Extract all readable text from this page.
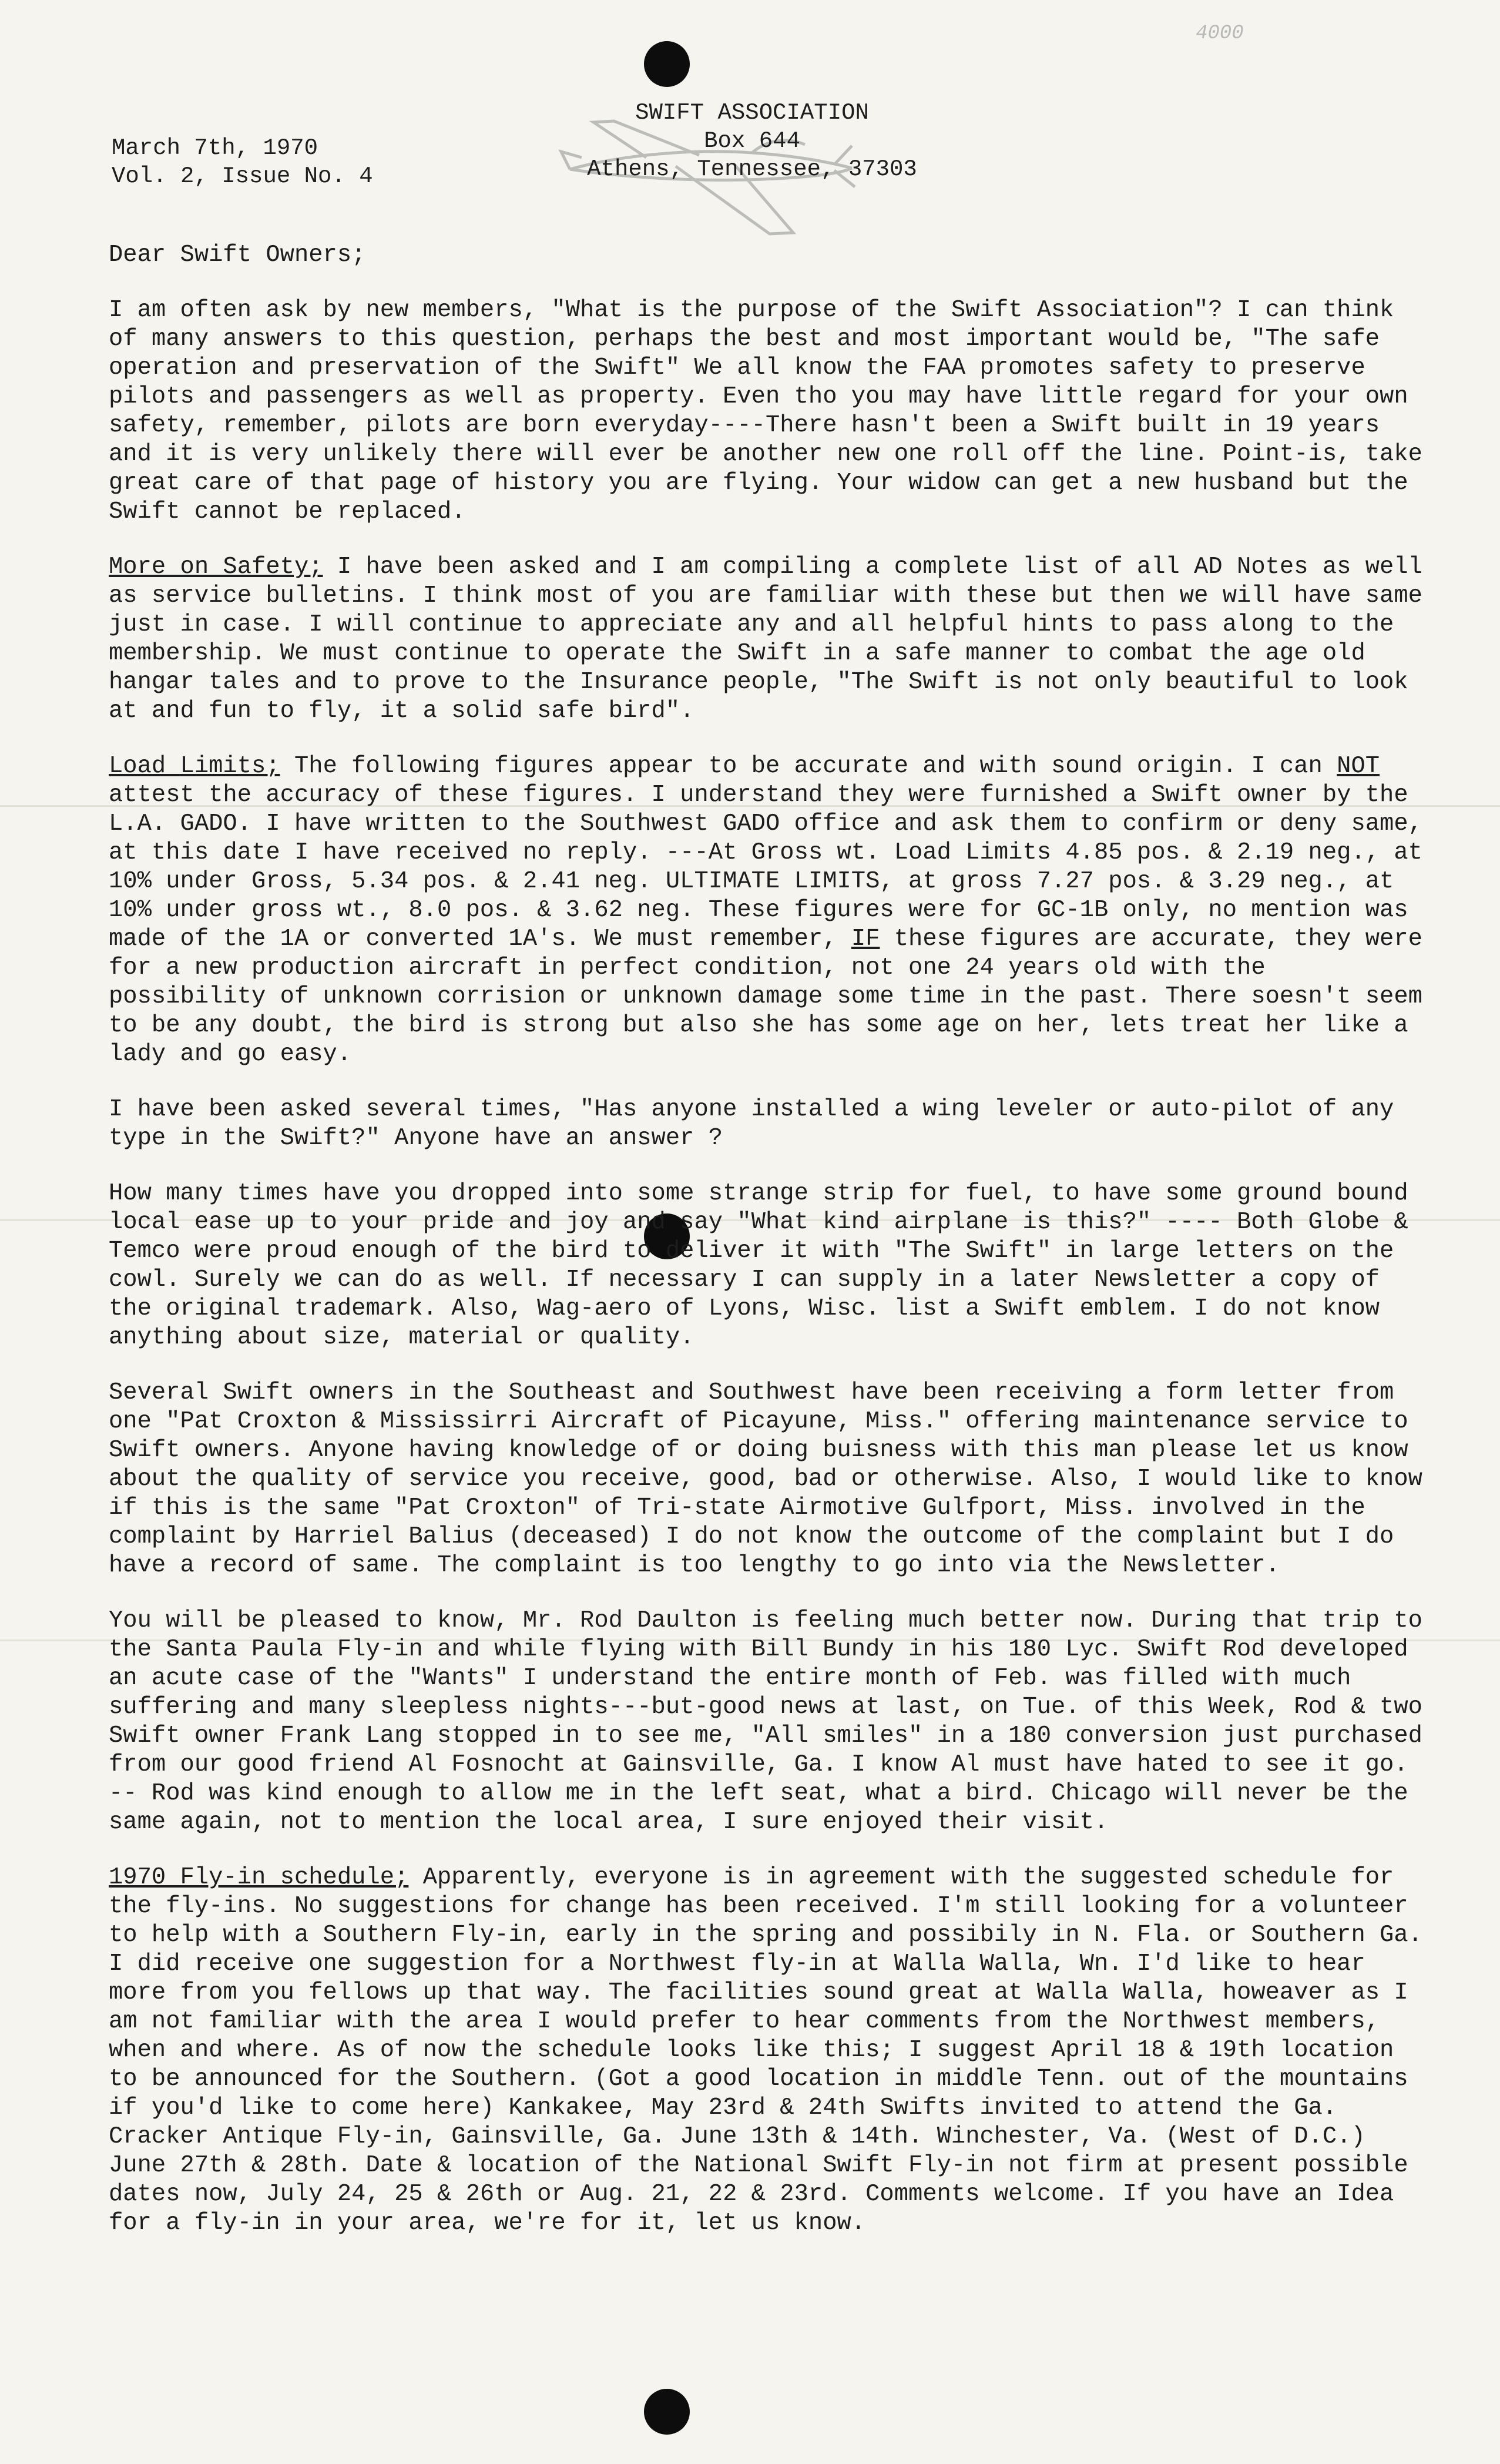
4000
March 7th, 1970
Vol. 2, Issue No. 4
SWIFT ASSOCIATION
Box 644
Athens, Tennessee, 37303

Dear Swift Owners;

I am often ask by new members, "What is the purpose of the Swift Association"? I can think of many answers to this question, perhaps the best and most important would be, "The safe operation and preservation of the Swift" We all know the FAA promotes safety to preserve pilots and passengers as well as property. Even tho you may have little regard for your own safety, remember, pilots are born everyday----There hasn't been a Swift built in 19 years and it is very unlikely there will ever be another new one roll off the line. Point-is, take great care of that page of history you are flying. Your widow can get a new husband but the Swift cannot be replaced.

More on Safety; I have been asked and I am compiling a complete list of all AD Notes as well as service bulletins. I think most of you are familiar with these but then we will have same just in case. I will continue to appreciate any and all helpful hints to pass along to the membership. We must continue to operate the Swift in a safe manner to combat the age old hangar tales and to prove to the Insurance people, "The Swift is not only beautiful to look at and fun to fly, it a solid safe bird".

Load Limits; The following figures appear to be accurate and with sound origin. I can NOT attest the accuracy of these figures. I understand they were furnished a Swift owner by the L.A. GADO. I have written to the Southwest GADO office and ask them to confirm or deny same, at this date I have received no reply. ---At Gross wt. Load Limits 4.85 pos. & 2.19 neg., at 10% under Gross, 5.34 pos. & 2.41 neg. ULTIMATE LIMITS, at gross 7.27 pos. & 3.29 neg., at 10% under gross wt., 8.0 pos. & 3.62 neg. These figures were for GC-1B only, no mention was made of the 1A or converted 1A's. We must remember, IF these figures are accurate, they were for a new production aircraft in perfect condition, not one 24 years old with the possibility of unknown corrision or unknown damage some time in the past. There soesn't seem to be any doubt, the bird is strong but also she has some age on her, lets treat her like a lady and go easy.

I have been asked several times, "Has anyone installed a wing leveler or auto-pilot of any type in the Swift?" Anyone have an answer ?

How many times have you dropped into some strange strip for fuel, to have some ground bound local ease up to your pride and joy and say "What kind airplane is this?" ---- Both Globe & Temco were proud enough of the bird to deliver it with "The Swift" in large letters on the cowl. Surely we can do as well. If necessary I can supply in a later Newsletter a copy of the original trademark. Also, Wag-aero of Lyons, Wisc. list a Swift emblem. I do not know anything about size, material or quality.

Several Swift owners in the Southeast and Southwest have been receiving a form letter from one "Pat Croxton & Mississirri Aircraft of Picayune, Miss." offering maintenance service to Swift owners. Anyone having knowledge of or doing buisness with this man please let us know about the quality of service you receive, good, bad or otherwise. Also, I would like to know if this is the same "Pat Croxton" of Tri-state Airmotive Gulfport, Miss. involved in the complaint by Harriel Balius (deceased) I do not know the outcome of the complaint but I do have a record of same. The complaint is too lengthy to go into via the Newsletter.

You will be pleased to know, Mr. Rod Daulton is feeling much better now. During that trip to the Santa Paula Fly-in and while flying with Bill Bundy in his 180 Lyc. Swift Rod developed an acute case of the "Wants" I understand the entire month of Feb. was filled with much suffering and many sleepless nights---but-good news at last, on Tue. of this Week, Rod & two Swift owner Frank Lang stopped in to see me, "All smiles" in a 180 conversion just purchased from our good friend Al Fosnocht at Gainsville, Ga. I know Al must have hated to see it go. -- Rod was kind enough to allow me in the left seat, what a bird. Chicago will never be the same again, not to mention the local area, I sure enjoyed their visit.

1970 Fly-in schedule; Apparently, everyone is in agreement with the suggested schedule for the fly-ins. No suggestions for change has been received. I'm still looking for a volunteer to help with a Southern Fly-in, early in the spring and possibily in N. Fla. or Southern Ga. I did receive one suggestion for a Northwest fly-in at Walla Walla, Wn. I'd like to hear more from you fellows up that way. The facilities sound great at Walla Walla, howeaver as I am not familiar with the area I would prefer to hear comments from the Northwest members, when and where. As of now the schedule looks like this; I suggest April 18 & 19th location to be announced for the Southern. (Got a good location in middle Tenn. out of the mountains if you'd like to come here) Kankakee, May 23rd & 24th Swifts invited to attend the Ga. Cracker Antique Fly-in, Gainsville, Ga. June 13th & 14th. Winchester, Va. (West of D.C.) June 27th & 28th. Date & location of the National Swift Fly-in not firm at present possible dates now, July 24, 25 & 26th or Aug. 21, 22 & 23rd. Comments welcome. If you have an Idea for a fly-in in your area, we're for it, let us know.
